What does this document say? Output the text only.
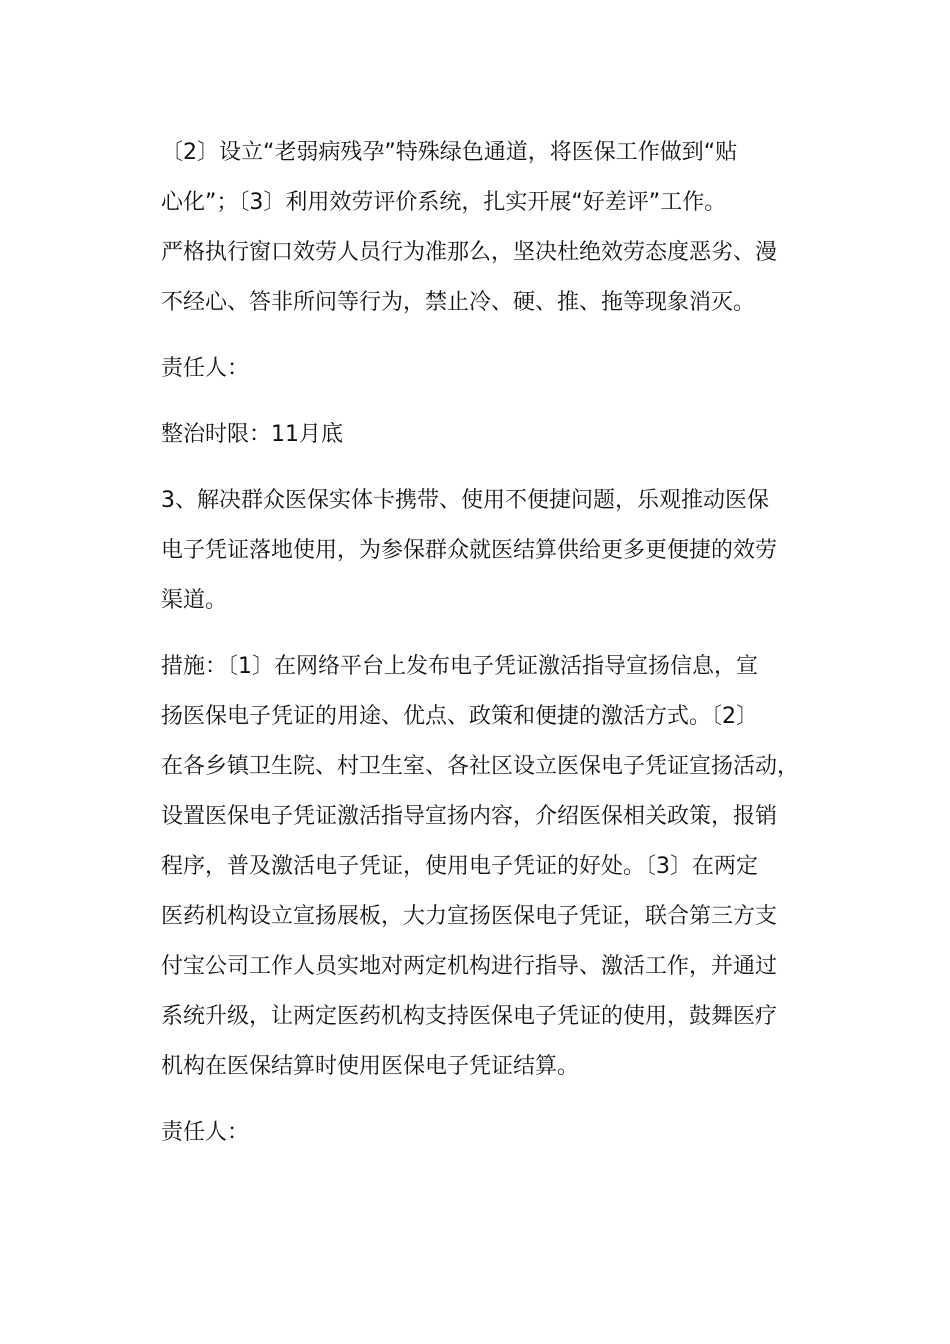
〔2〕设立“老弱病残孕”特殊绿色通道，将医保工作做到“贴
心化”；〔3〕利用效劳评价系统，扎实开展“好差评”工作。
严格执行窗口效劳人员行为准那么，坚决杜绝效劳态度恶劣、漫
不经心、答非所问等行为，禁止冷、硬、推、拖等现象消灭。
责任人：
整治时限：11月底
3、解决群众医保实体卡携带、使用不便捷问题，乐观推动医保
电子凭证落地使用，为参保群众就医结算供给更多更便捷的效劳
渠道。
措施：〔1〕在网络平台上发布电子凭证激活指导宣扬信息，宣
扬医保电子凭证的用途、优点、政策和便捷的激活方式。〔2〕
在各乡镇卫生院、村卫生室、各社区设立医保电子凭证宣扬活动，
设置医保电子凭证激活指导宣扬内容，介绍医保相关政策，报销
程序，普及激活电子凭证，使用电子凭证的好处。〔3〕在两定
医药机构设立宣扬展板，大力宣扬医保电子凭证，联合第三方支
付宝公司工作人员实地对两定机构进行指导、激活工作，并通过
系统升级，让两定医药机构支持医保电子凭证的使用，鼓舞医疗
机构在医保结算时使用医保电子凭证结算。
责任人：
